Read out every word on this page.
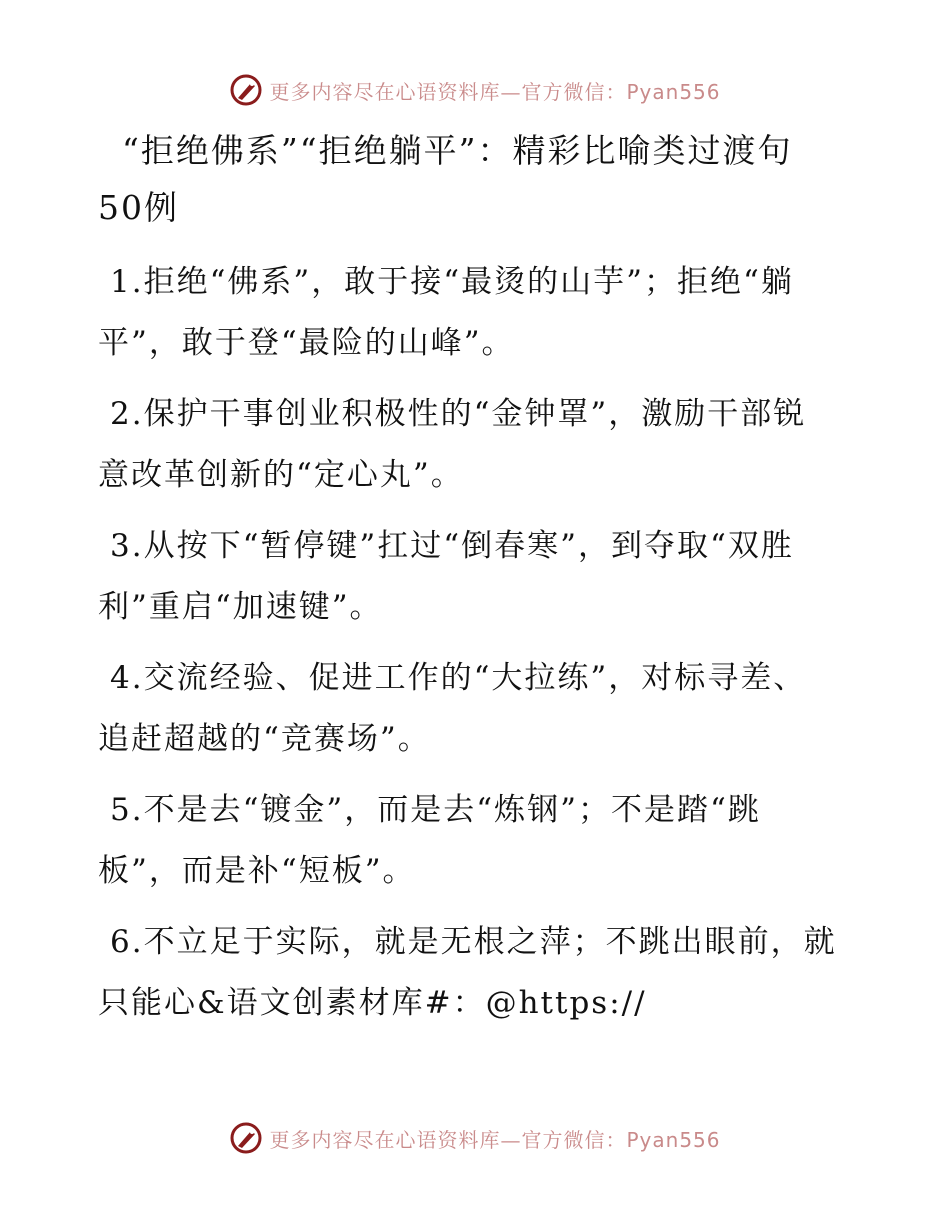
更多内容尽在心语资料库—官方微信：Pyan556
“拒绝佛系”“拒绝躺平”：精彩比喻类过渡句50例
1.拒绝“佛系”，敢于接“最烫的山芋”；拒绝“躺平”，敢于登“最险的山峰”。
2.保护干事创业积极性的“金钟罩”，激励干部锐意改革创新的“定心丸”。
3.从按下“暂停键”扛过“倒春寒”，到夺取“双胜利”重启“加速键”。
4.交流经验、促进工作的“大拉练”，对标寻差、追赶超越的“竞赛场”。
5.不是去“镀金”，而是去“炼钢”；不是踏“跳板”，而是补“短板”。
6.不立足于实际，就是无根之萍；不跳出眼前，就只能心&语文创素材库#：@https://
更多内容尽在心语资料库—官方微信：Pyan556
